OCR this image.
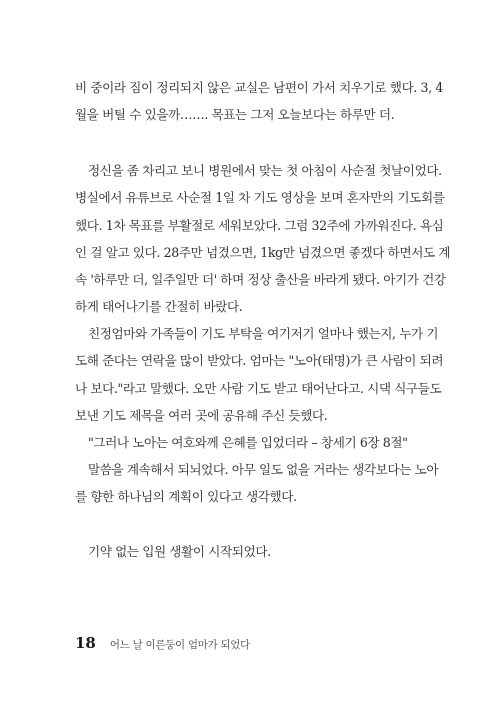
비 중이라 짐이 정리되지 않은 교실은 남편이 가서 치우기로 했다. 3, 4
월을 버틸 수 있을까……. 목표는 그저 오늘보다는 하루만 더.
정신을 좀 차리고 보니 병원에서 맞는 첫 아침이 사순절 첫날이었다.
병실에서 유튜브로 사순절 1일 차 기도 영상을 보며 혼자만의 기도회를
했다. 1차 목표를 부활절로 세워보았다. 그럼 32주에 가까워진다. 욕심
인 걸 알고 있다. 28주만 넘겼으면, 1kg만 넘겼으면 좋겠다 하면서도 계
속 '하루만 더, 일주일만 더' 하며 정상 출산을 바라게 됐다. 아기가 건강
하게 태어나기를 간절히 바랐다.
친정엄마와 가족들이 기도 부탁을 여기저기 얼마나 했는지, 누가 기
도해 준다는 연락을 많이 받았다. 엄마는 "노아(태명)가 큰 사람이 되려
나 보다."라고 말했다. 오만 사람 기도 받고 태어난다고. 시댁 식구들도
보낸 기도 제목을 여러 곳에 공유해 주신 듯했다.
"그러나 노아는 여호와께 은혜를 입었더라 – 창세기 6장 8절"
말씀을 계속해서 되뇌었다. 아무 일도 없을 거라는 생각보다는 노아
를 향한 하나님의 계획이 있다고 생각했다.
기약 없는 입원 생활이 시작되었다.
18 어느 날 이른둥이 엄마가 되었다
